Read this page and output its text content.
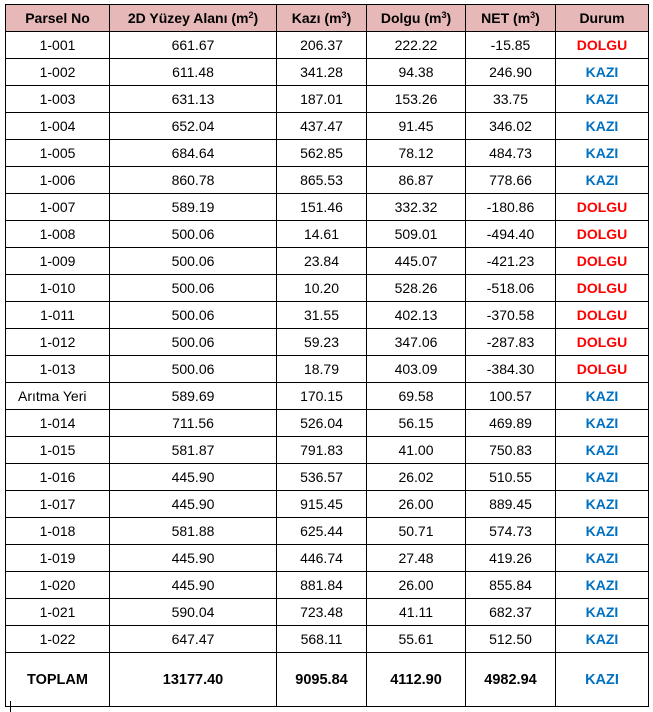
Parsel No	2D Yüzey Alanı $(m^2)$	Kazı $(m^3)$	Dolgu $(m^3)$	NET $(m^3)$	Durum
1-001	661.67	206.37	222.22	-15.85	DOLGU
1-002	611.48	341.28	94.38	246.90	KAZI
1-003	631.13	187.01	153.26	33.75	KAZI
1-004	652.04	437.47	91.45	346.02	KAZI
1-005	684.64	562.85	78.12	484.73	KAZI
1-006	860.78	865.53	86.87	778.66	KAZI
1-007	589.19	151.46	332.32	-180.86	DOLGU
1-008	500.06	14.61	509.01	-494.40	DOLGU
1-009	500.06	23.84	445.07	-421.23	DOLGU
1-010	500.06	10.20	528.26	-518.06	DOLGU
1-011	500.06	31.55	402.13	-370.58	DOLGU
1-012	500.06	59.23	347.06	-287.83	DOLGU
1-013	500.06	18.79	403.09	-384.30	DOLGU
Arıtma Yeri	589.69	170.15	69.58	100.57	KAZI
1-014	711.56	526.04	56.15	469.89	KAZI
1-015	581.87	791.83	41.00	750.83	KAZI
1-016	445.90	536.57	26.02	510.55	KAZI
1-017	445.90	915.45	26.00	889.45	KAZI
1-018	581.88	625.44	50.71	574.73	KAZI
1-019	445.90	446.74	27.48	419.26	KAZI
1-020	445.90	881.84	26.00	855.84	KAZI
1-021	590.04	723.48	41.11	682.37	KAZI
1-022	647.47	568.11	55.61	512.50	KAZI
TOPLAM	13177.40	9095.84	4112.90	4982.94	KAZI
